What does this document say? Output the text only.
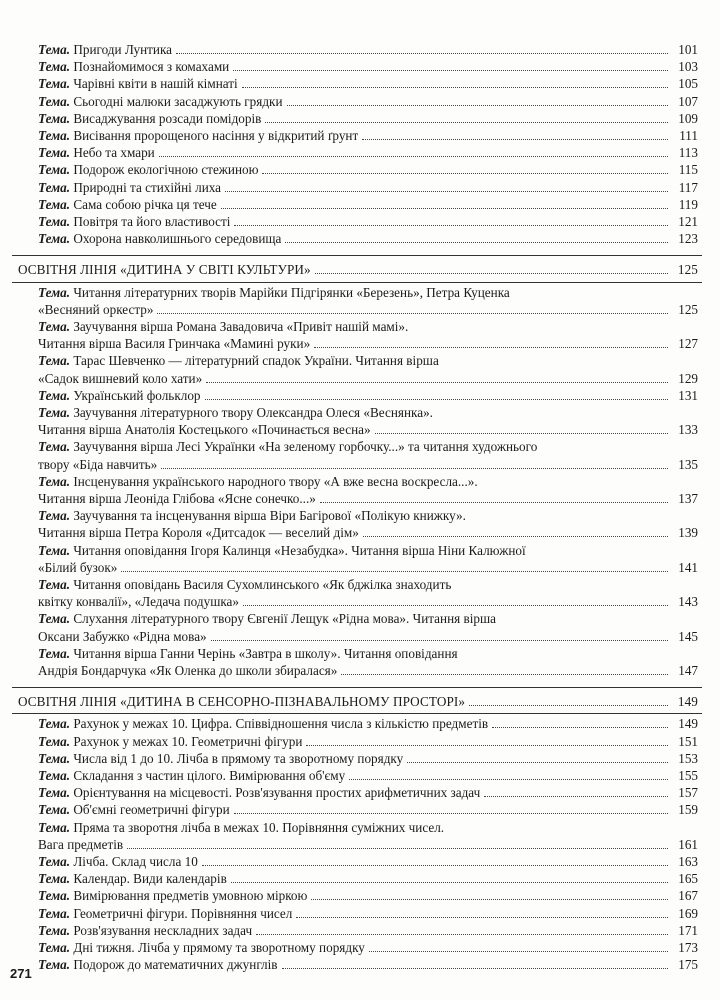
Тема. Пригоди Лунтика	101
Тема. Познайомимося з комахами	103
Тема. Чарівні квіти в нашій кімнаті	105
Тема. Сьогодні малюки засаджують грядки	107
Тема. Висаджування розсади помідорів	109
Тема. Висівання пророщеного насіння у відкритий ґрунт	111
Тема. Небо та хмари	113
Тема. Подорож екологічною стежиною	115
Тема. Природні та стихійні лиха	117
Тема. Сама собою річка ця тече	119
Тема. Повітря та його властивості	121
Тема. Охорона навколишнього середовища	123
ОСВІТНЯ ЛІНІЯ «ДИТИНА У СВІТІ КУЛЬТУРИ»	125
Тема. Читання літературних творів Марійки Підгірянки «Березень», Петра Куценка
«Весняний оркестр»	125
Тема. Заучування вірша Романа Завадовича «Привіт нашій мамі».
Читання вірша Василя Гринчака «Мамині руки»	127
Тема. Тарас Шевченко — літературний спадок України. Читання вірша
«Садок вишневий коло хати»	129
Тема. Український фольклор	131
Тема. Заучування літературного твору Олександра Олеся «Веснянка».
Читання вірша Анатолія Костецького «Починається весна»	133
Тема. Заучування вірша Лесі Українки «На зеленому горбочку...» та читання художнього
твору «Біда навчить»	135
Тема. Інсценування українського народного твору «А вже весна воскресла...».
Читання вірша Леоніда Глібова «Ясне сонечко...»	137
Тема. Заучування та інсценування вірша Віри Багірової «Полікую книжку».
Читання вірша Петра Короля «Дитсадок — веселий дім»	139
Тема. Читання оповідання Ігоря Калинця «Незабудка». Читання вірша Ніни Калюжної
«Білий бузок»	141
Тема. Читання оповідань Василя Сухомлинського «Як бджілка знаходить
квітку конвалії», «Ледача подушка»	143
Тема. Слухання літературного твору Євгенії Лещук «Рідна мова». Читання вірша
Оксани Забужко «Рідна мова»	145
Тема. Читання вірша Ганни Черінь «Завтра в школу». Читання оповідання
Андрія Бондарчука «Як Оленка до школи збиралася»	147
ОСВІТНЯ ЛІНІЯ «ДИТИНА В СЕНСОРНО-ПІЗНАВАЛЬНОМУ ПРОСТОРІ»	149
Тема. Рахунок у межах 10. Цифра. Співвідношення числа з кількістю предметів	149
Тема. Рахунок у межах 10. Геометричні фігури	151
Тема. Числа від 1 до 10. Лічба в прямому та зворотному порядку	153
Тема. Складання з частин цілого. Вимірювання об'єму	155
Тема. Орієнтування на місцевості. Розв'язування простих арифметичних задач	157
Тема. Об'ємні геометричні фігури	159
Тема. Пряма та зворотня лічба в межах 10. Порівняння суміжних чисел.
Вага предметів	161
Тема. Лічба. Склад числа 10	163
Тема. Календар. Види календарів	165
Тема. Вимірювання предметів умовною міркою	167
Тема. Геометричні фігури. Порівняння чисел	169
Тема. Розв'язування нескладних задач	171
Тема. Дні тижня. Лічба у прямому та зворотному порядку	173
Тема. Подорож до математичних джунглів	175
271
